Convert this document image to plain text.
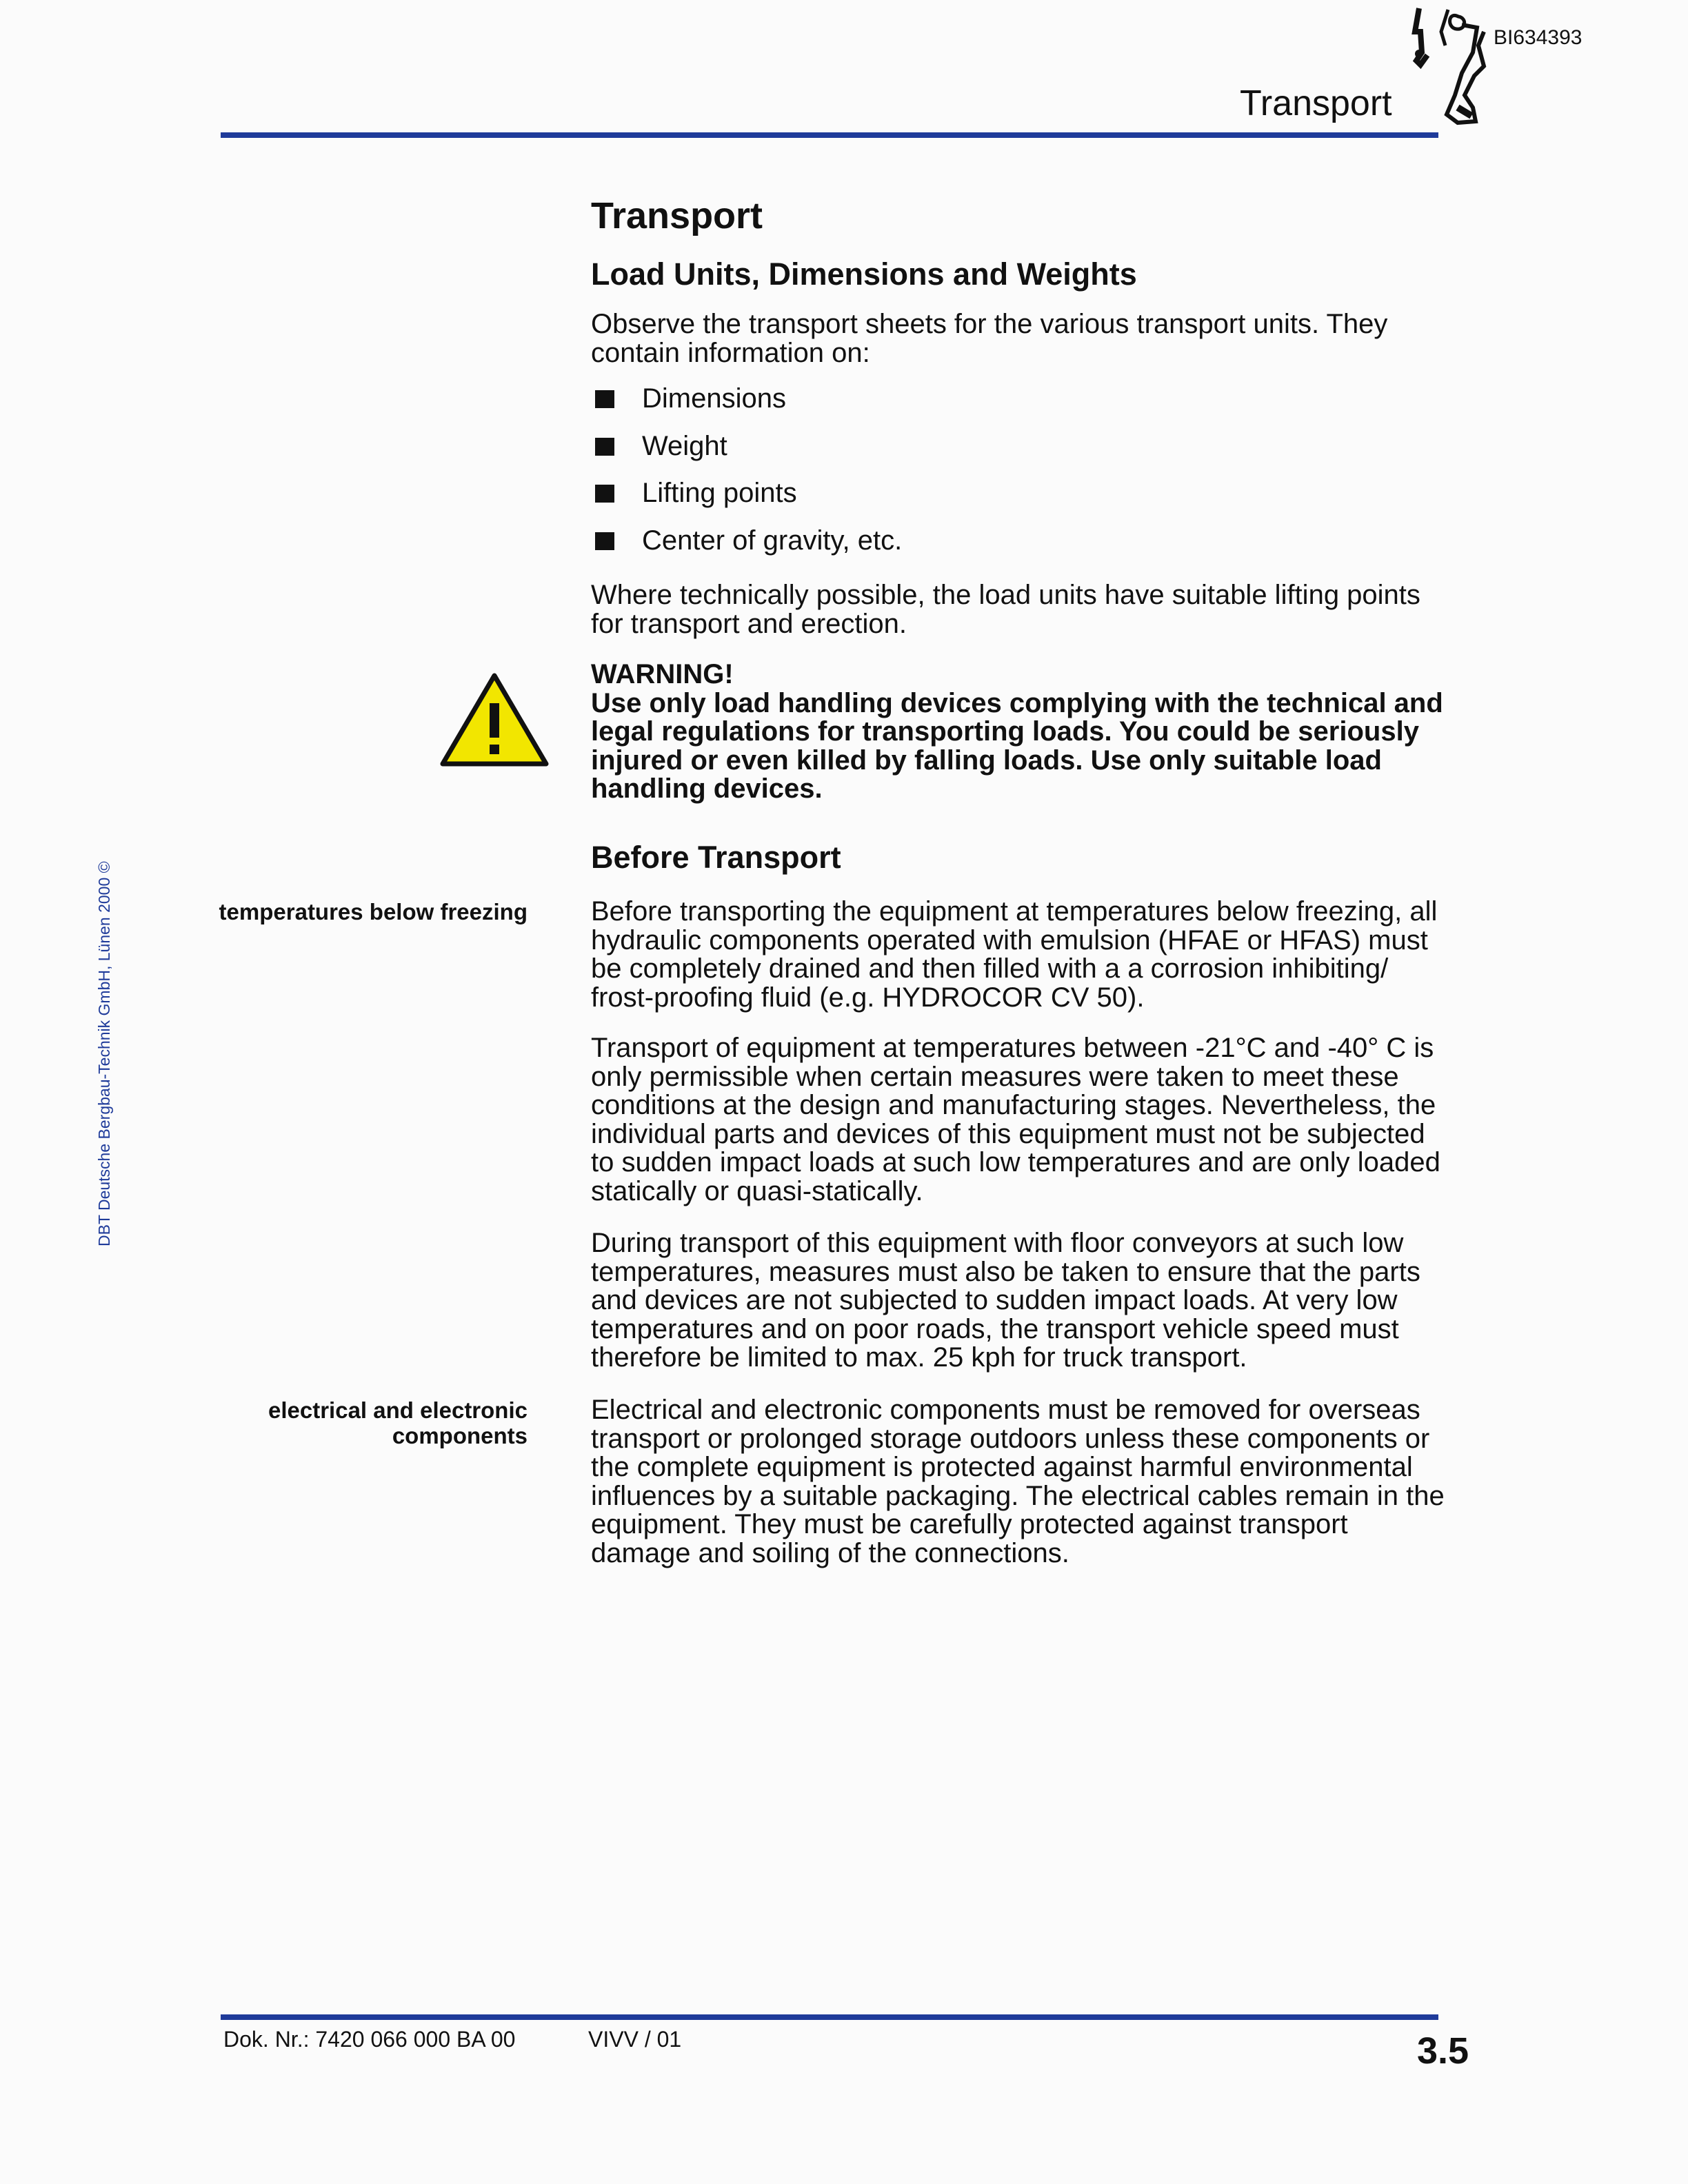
BI634393
Transport
DBT Deutsche Bergbau-Technik GmbH, Lünen 2000 ©
Transport
Load Units, Dimensions and Weights

Observe the transport sheets for the various transport units. They contain information on:

Dimensions
Weight
Lifting points
Center of gravity, etc.

Where technically possible, the load units have suitable lifting points for transport and erection.

WARNING!
Use only load handling devices complying with the technical and legal regulations for transporting loads. You could be seriously injured or even killed by falling loads. Use only suitable load handling devices.
Before Transport
temperatures below freezing Before transporting the equipment at temperatures below freezing, all hydraulic components operated with emulsion (HFAE or HFAS) must be completely drained and then filled with a a corrosion inhibiting/ frost-proofing fluid (e.g. HYDROCOR CV 50).

Transport of equipment at temperatures between -21°C and -40° C is only permissible when certain measures were taken to meet these conditions at the design and manufacturing stages. Nevertheless, the individual parts and devices of this equipment must not be subjected to sudden impact loads at such low temperatures and are only loaded statically or quasi-statically.

During transport of this equipment with floor conveyors at such low temperatures, measures must also be taken to ensure that the parts and devices are not subjected to sudden impact loads. At very low temperatures and on poor roads, the transport vehicle speed must therefore be limited to max. 25 kph for truck transport.

electrical and electronic components

Electrical and electronic components must be removed for overseas transport or prolonged storage outdoors unless these components or the complete equipment is protected against harmful environmental influences by a suitable packaging. The electrical cables remain in the equipment. They must be carefully protected against transport damage and soiling of the connections.

Dok. Nr.: 7420 066 000 BA 00	VIVV / 01	3.5
